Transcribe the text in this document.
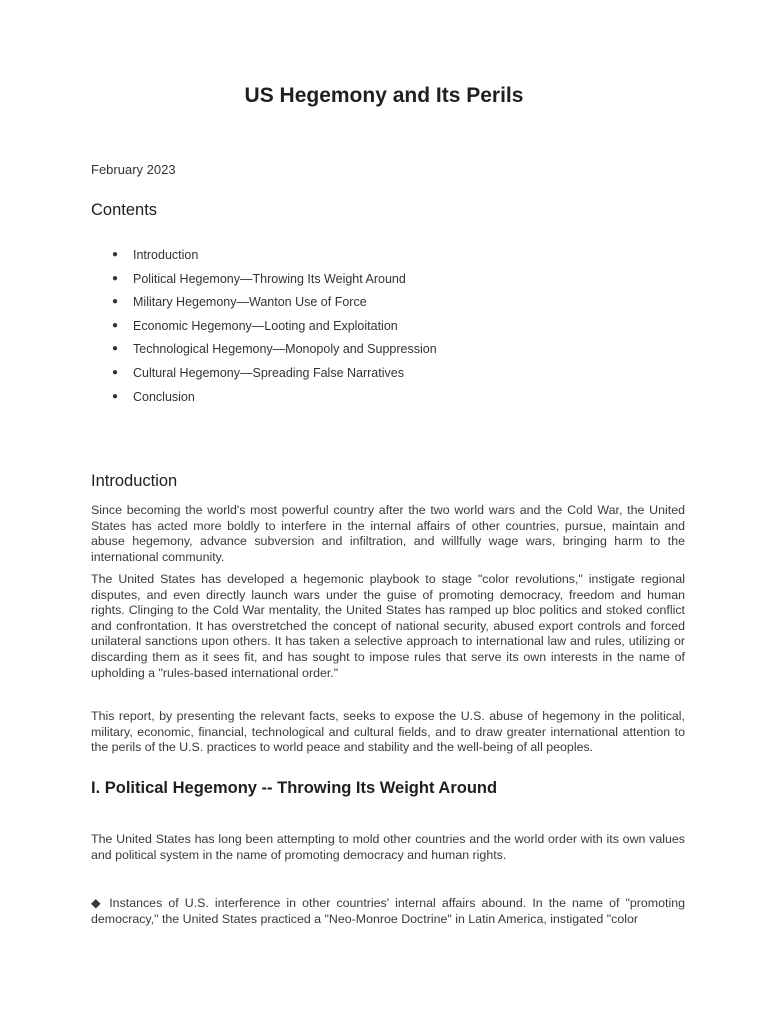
US Hegemony and Its Perils

February 2023

Contents
● Introduction
● Political Hegemony—Throwing Its Weight Around
● Military Hegemony—Wanton Use of Force
● Economic Hegemony—Looting and Exploitation
● Technological Hegemony—Monopoly and Suppression
● Cultural Hegemony—Spreading False Narratives
● Conclusion
Introduction

Since becoming the world's most powerful country after the two world wars and the Cold War, the United States has acted more boldly to interfere in the internal affairs of other countries, pursue, maintain and abuse hegemony, advance subversion and infiltration, and willfully wage wars, bringing harm to the international community.

The United States has developed a hegemonic playbook to stage "color revolutions," instigate regional disputes, and even directly launch wars under the guise of promoting democracy, freedom and human rights. Clinging to the Cold War mentality, the United States has ramped up bloc politics and stoked conflict and confrontation. It has overstretched the concept of national security, abused export controls and forced unilateral sanctions upon others. It has taken a selective approach to international law and rules, utilizing or discarding them as it sees fit, and has sought to impose rules that serve its own interests in the name of upholding a "rules-based international order."

This report, by presenting the relevant facts, seeks to expose the U.S. abuse of hegemony in the political, military, economic, financial, technological and cultural fields, and to draw greater international attention to the perils of the U.S. practices to world peace and stability and the well-being of all peoples.

I. Political Hegemony -- Throwing Its Weight Around

The United States has long been attempting to mold other countries and the world order with its own values and political system in the name of promoting democracy and human rights.

◆ Instances of U.S. interference in other countries' internal affairs abound. In the name of "promoting democracy," the United States practiced a "Neo-Monroe Doctrine" in Latin America, instigated "color
